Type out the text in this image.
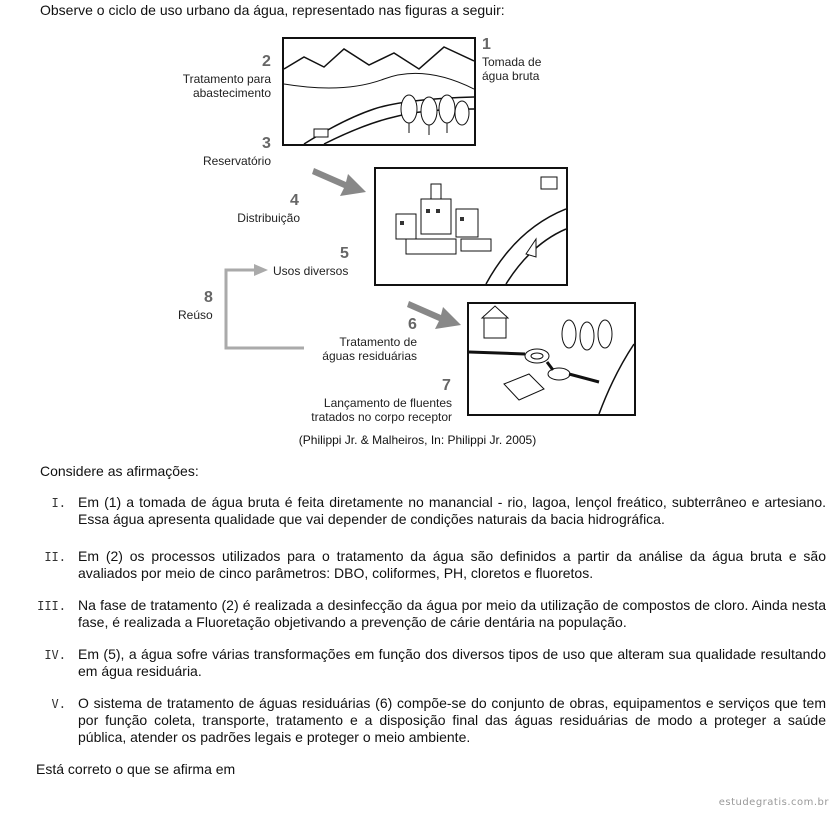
Observe o ciclo de uso urbano da água, representado nas figuras a seguir:
1
Tomada de água bruta
2
Tratamento para abastecimento
3
Reservatório
4
Distribuição
5
Usos diversos
6
Tratamento de águas residuárias
7
Lançamento de fluentes tratados no corpo receptor
8
Reúso
(Philippi Jr. & Malheiros, In: Philippi Jr. 2005)
Considere as afirmações:
I. Em (1) a tomada de água bruta é feita diretamente no manancial - rio, lagoa, lençol freático, subterrâneo e artesiano. Essa água apresenta qualidade que vai depender de condições naturais da bacia hidrográfica.
II. Em (2) os processos utilizados para o tratamento da água são definidos a partir da análise da água bruta e são avaliados por meio de cinco parâmetros: DBO, coliformes, PH, cloretos e fluoretos.
III. Na fase de tratamento (2) é realizada a desinfecção da água por meio da utilização de compostos de cloro. Ainda nesta fase, é realizada a Fluoretação objetivando a prevenção de cárie dentária na população.
IV. Em (5), a água sofre várias transformações em função dos diversos tipos de uso que alteram sua qualidade resultando em água residuária.
V. O sistema de tratamento de águas residuárias (6) compõe-se do conjunto de obras, equipamentos e serviços que tem por função coleta, transporte, tratamento e a disposição final das águas residuárias de modo a proteger a saúde pública, atender os padrões legais e proteger o meio ambiente.
Está correto o que se afirma em
estudegratis.com.br
